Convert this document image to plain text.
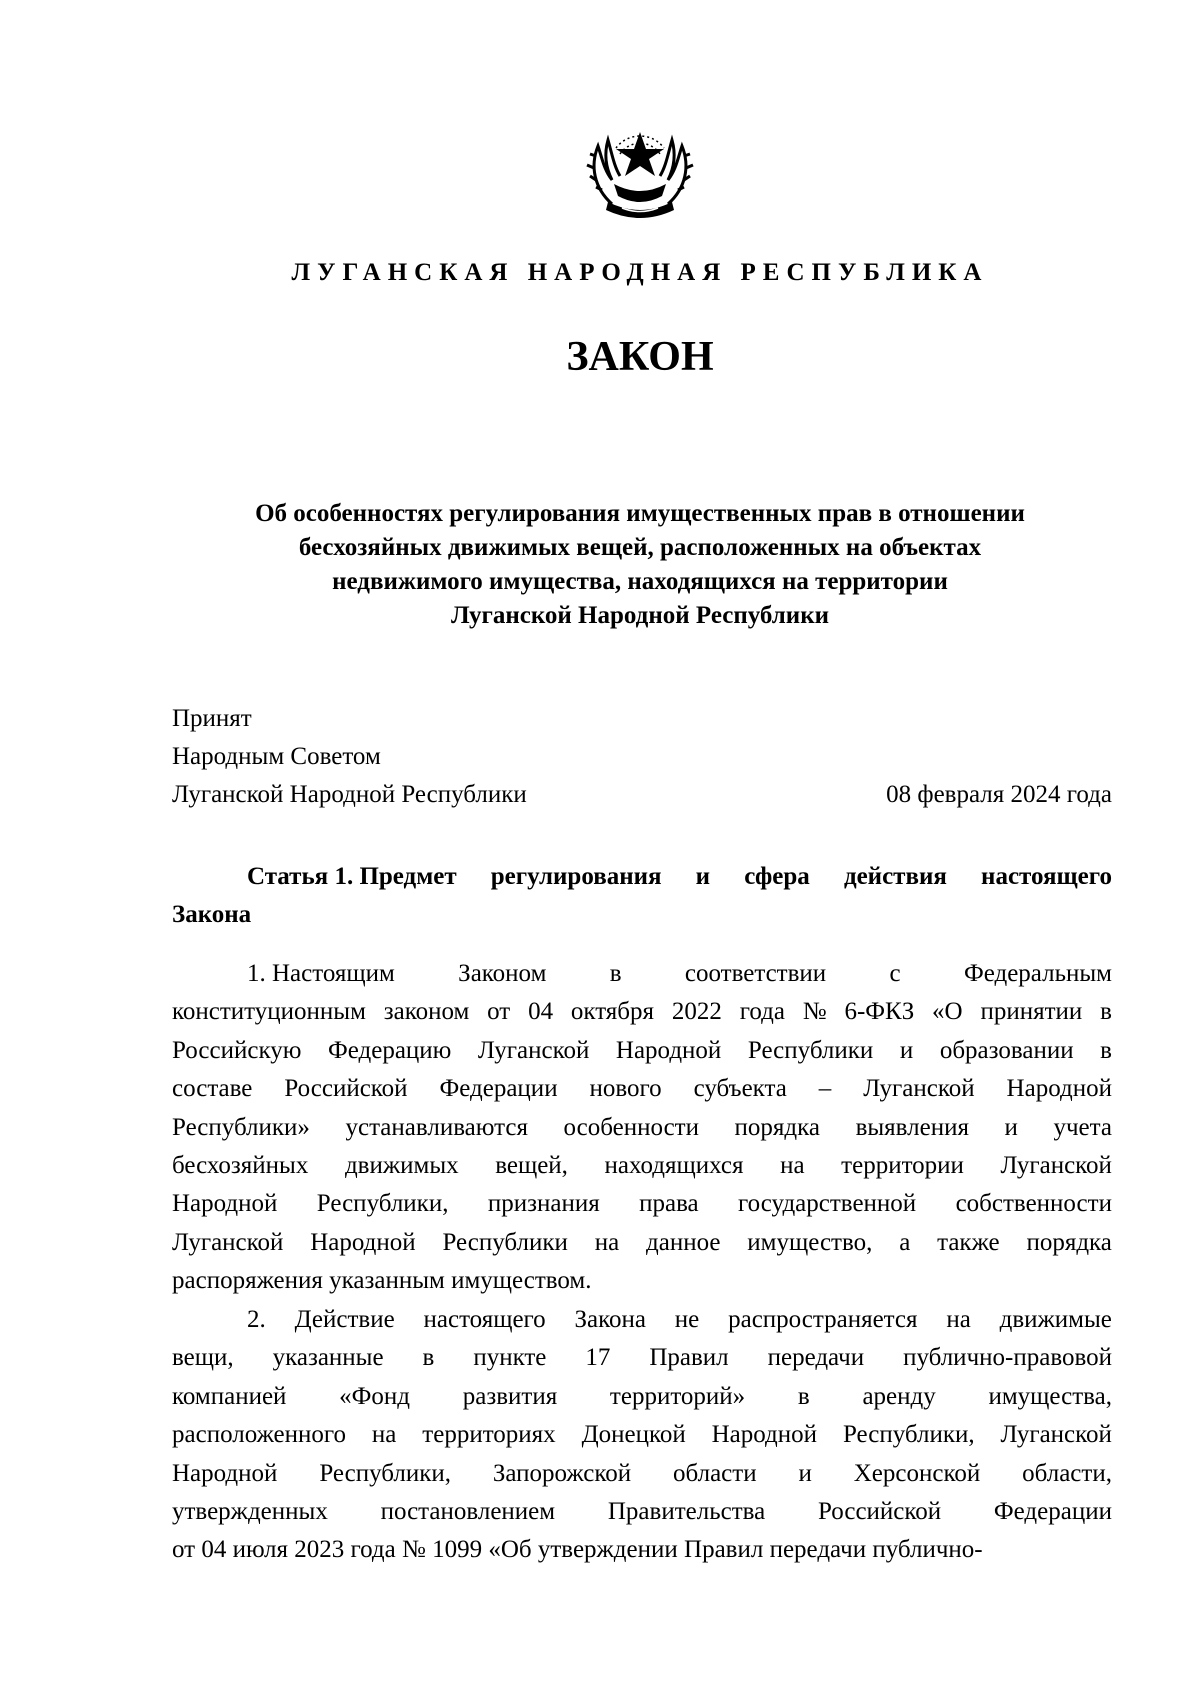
ЛУГАНСКАЯ НАРОДНАЯ РЕСПУБЛИКА
ЗАКОН
Об особенностях регулирования имущественных прав в отношении
бесхозяйных движимых вещей, расположенных на объектах
недвижимого имущества, находящихся на территории
Луганской Народной Республики
Принят
Народным Советом
Луганской Народной Республики	08 февраля 2024 года
Статья 1. Предмет регулирования и сфера действия настоящего
Закона
1. Настоящим	Законом	в	соответствии	с	Федеральным
конституционным законом от 04 октября 2022 года № 6-ФКЗ «О принятии в
Российскую Федерацию Луганской Народной Республики и образовании в
составе Российской Федерации нового субъекта – Луганской Народной
Республики» устанавливаются особенности порядка выявления и учета
бесхозяйных движимых вещей, находящихся на территории Луганской
Народной Республики, признания права государственной собственности
Луганской Народной Республики на данное имущество, а также порядка
распоряжения указанным имуществом.
2. Действие настоящего Закона не распространяется на движимые
вещи, указанные в пункте 17 Правил передачи публично-правовой
компанией «Фонд развития территорий» в аренду имущества,
расположенного на территориях Донецкой Народной Республики, Луганской
Народной Республики, Запорожской области и Херсонской области,
утвержденных постановлением Правительства Российской Федерации
от 04 июля 2023 года № 1099 «Об утверждении Правил передачи публично-
